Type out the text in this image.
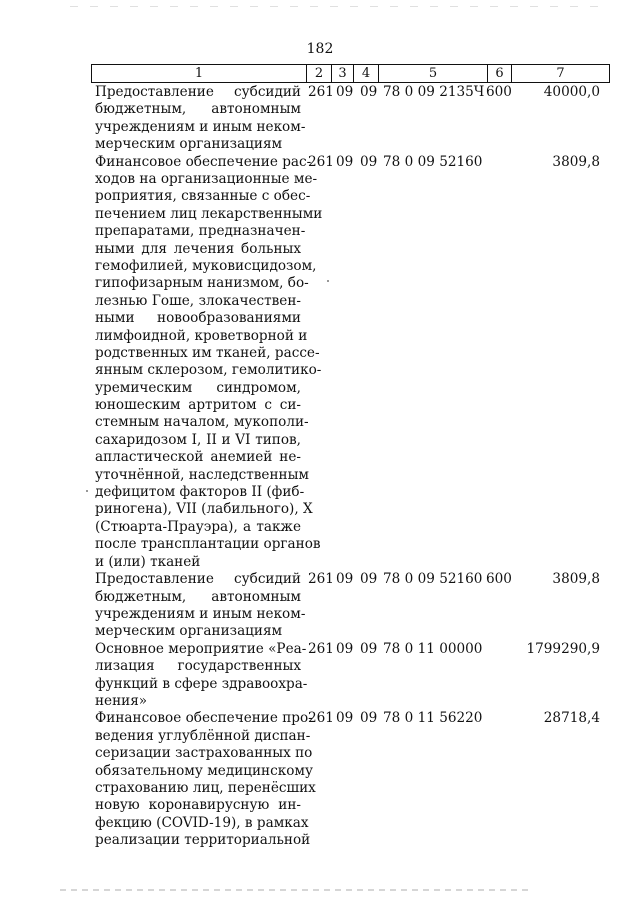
182
1	2	3	4	5	6	7
Предоставление субсидий
бюджетным, автономным
учреждениям и иным неком-
мерческим организациям
261 09 09 78 0 09 2135Ч 600 40000,0
Финансовое обеспечение рас-
ходов на организационные ме-
роприятия, связанные с обес-
печением лиц лекарственными
препаратами, предназначен-
ными для лечения больных
гемофилией, муковисцидозом,
гипофизарным нанизмом, бо-
лезнью Гоше, злокачествен-
ными новообразованиями
лимфоидной, кроветворной и
родственных им тканей, рассе-
янным склерозом, гемолитико-
уремическим синдромом,
юношеским артритом с си-
стемным началом, мукополи-
сахаридозом I, II и VI типов,
апластической анемией не-
уточнённой, наследственным
дефицитом факторов II (фиб-
риногена), VII (лабильного), X
(Стюарта-Прауэра), а также
после трансплантации органов
и (или) тканей
261 09 09 78 0 09 52160	3809,8
Предоставление субсидий
бюджетным, автономным
учреждениям и иным неком-
мерческим организациям
261 09 09 78 0 09 52160 600	3809,8
Основное мероприятие «Реа-
лизация государственных
функций в сфере здравоохра-
нения»
261 09 09 78 0 11 00000	1799290,9
Финансовое обеспечение про-
ведения углублённой диспан-
серизации застрахованных по
обязательному медицинскому
страхованию лиц, перенёсших
новую коронавирусную ин-
фекцию (COVID-19), в рамках
реализации территориальной
261 09 09 78 0 11 56220	28718,4
